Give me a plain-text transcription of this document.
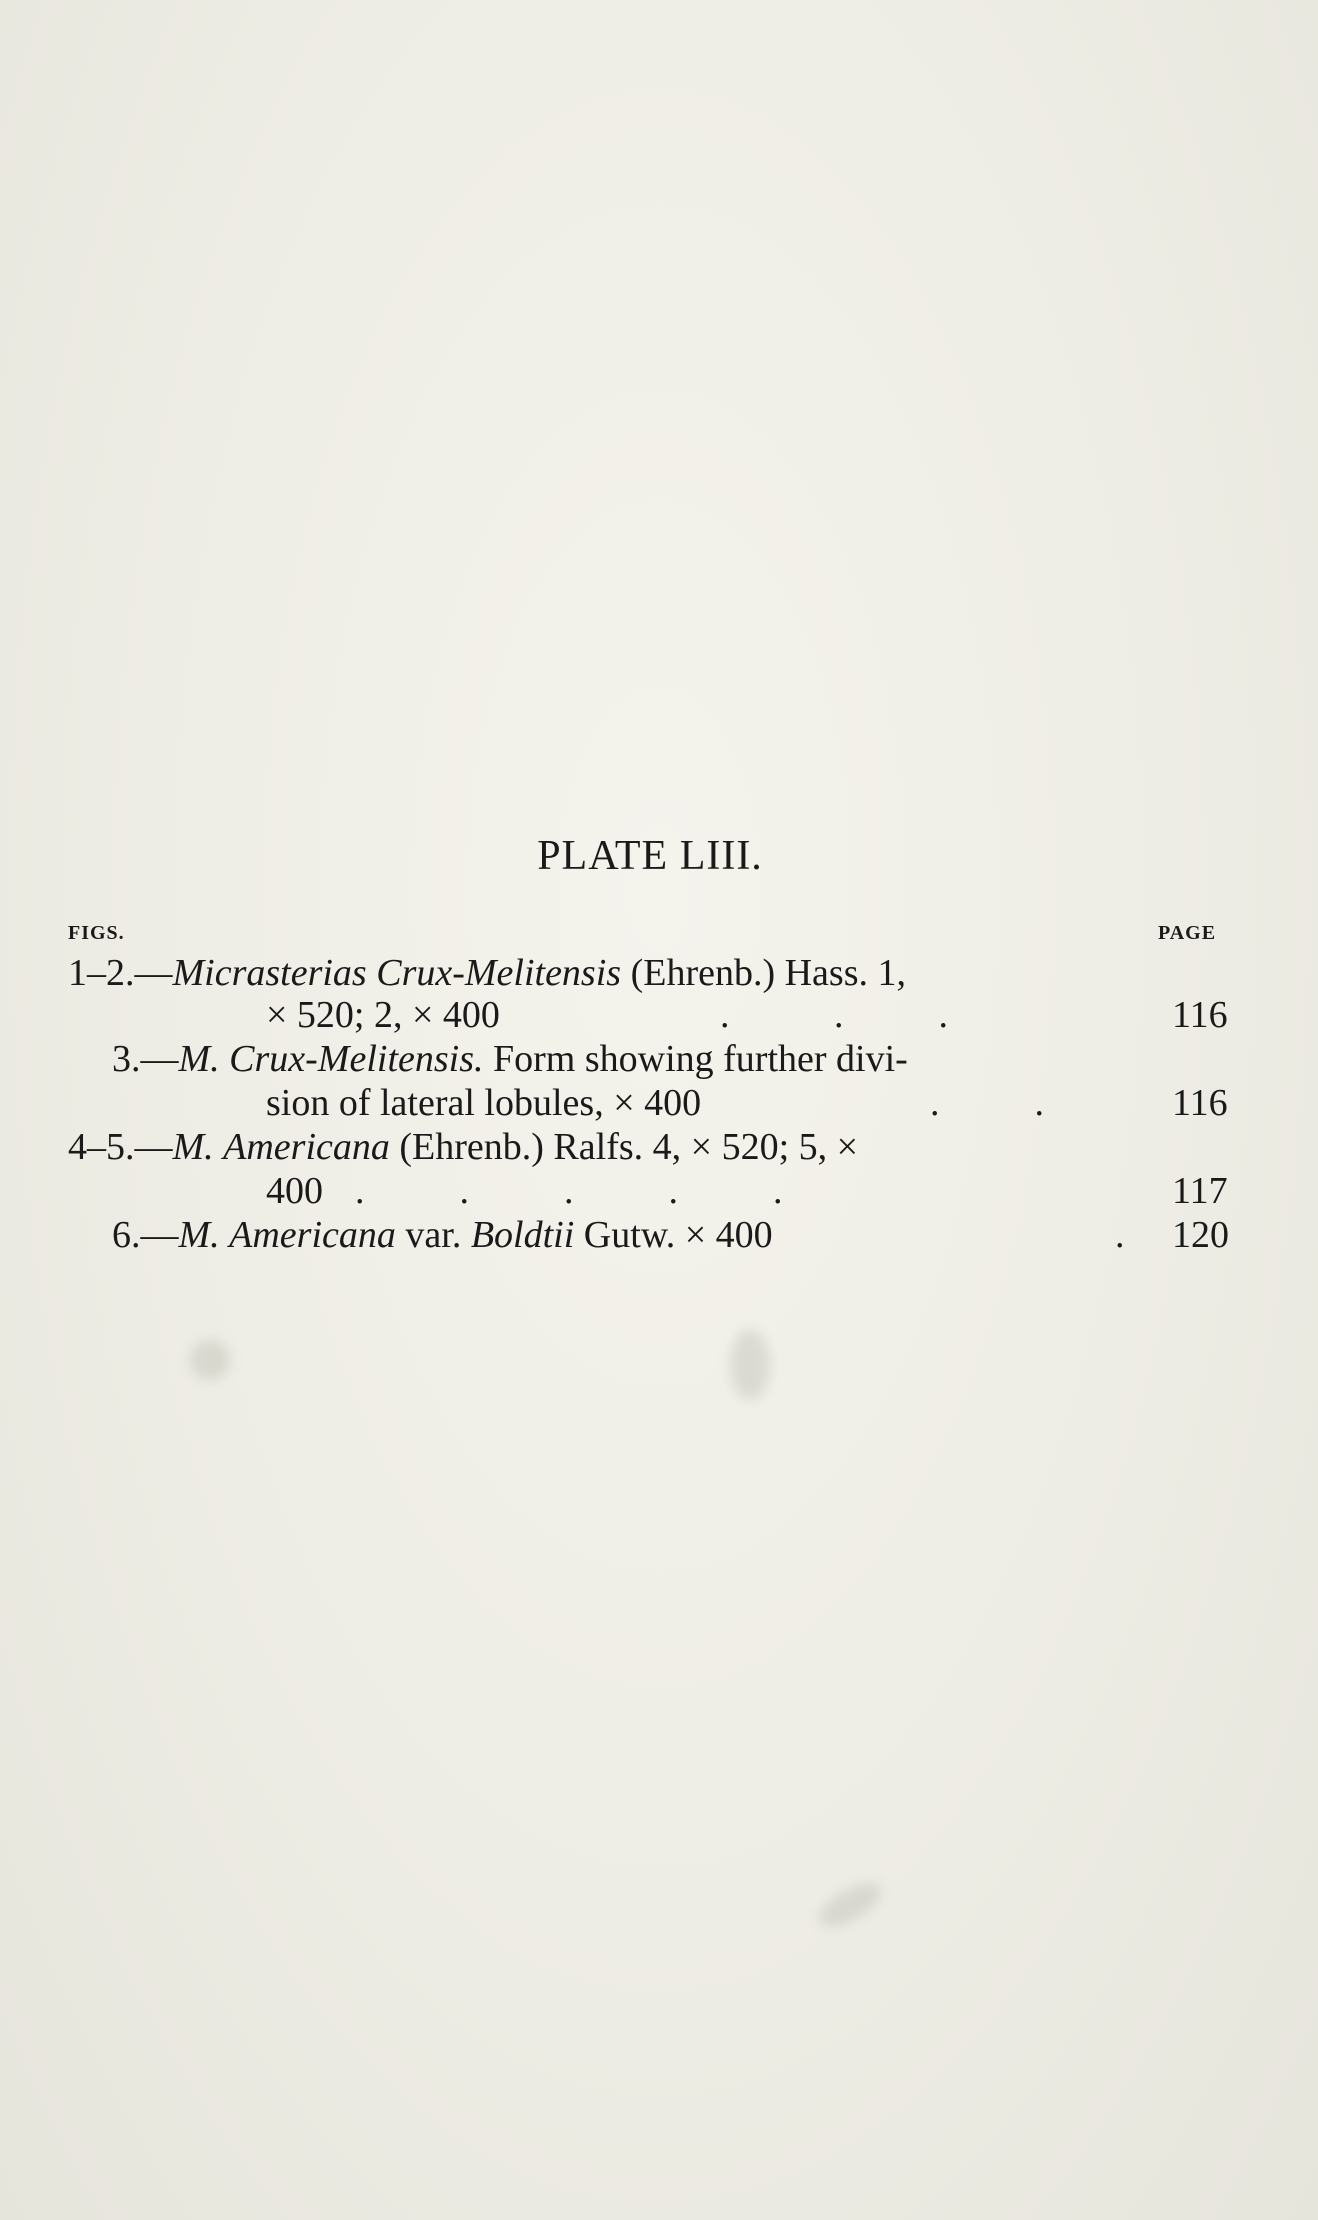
PLATE LIII.
FIGS.	PAGE
1–2.—Micrasterias Crux-Melitensis (Ehrenb.) Hass. 1,
× 520; 2, × 400	.           .          .	116
3.—M. Crux-Melitensis. Form showing further divi-
sion of lateral lobules, × 400	.          .	116
4–5.—M. Americana (Ehrenb.) Ralfs. 4, × 520; 5, ×
400 .          .          .          .          .	117
6.—M. Americana var. Boldtii Gutw. × 400	. 120
